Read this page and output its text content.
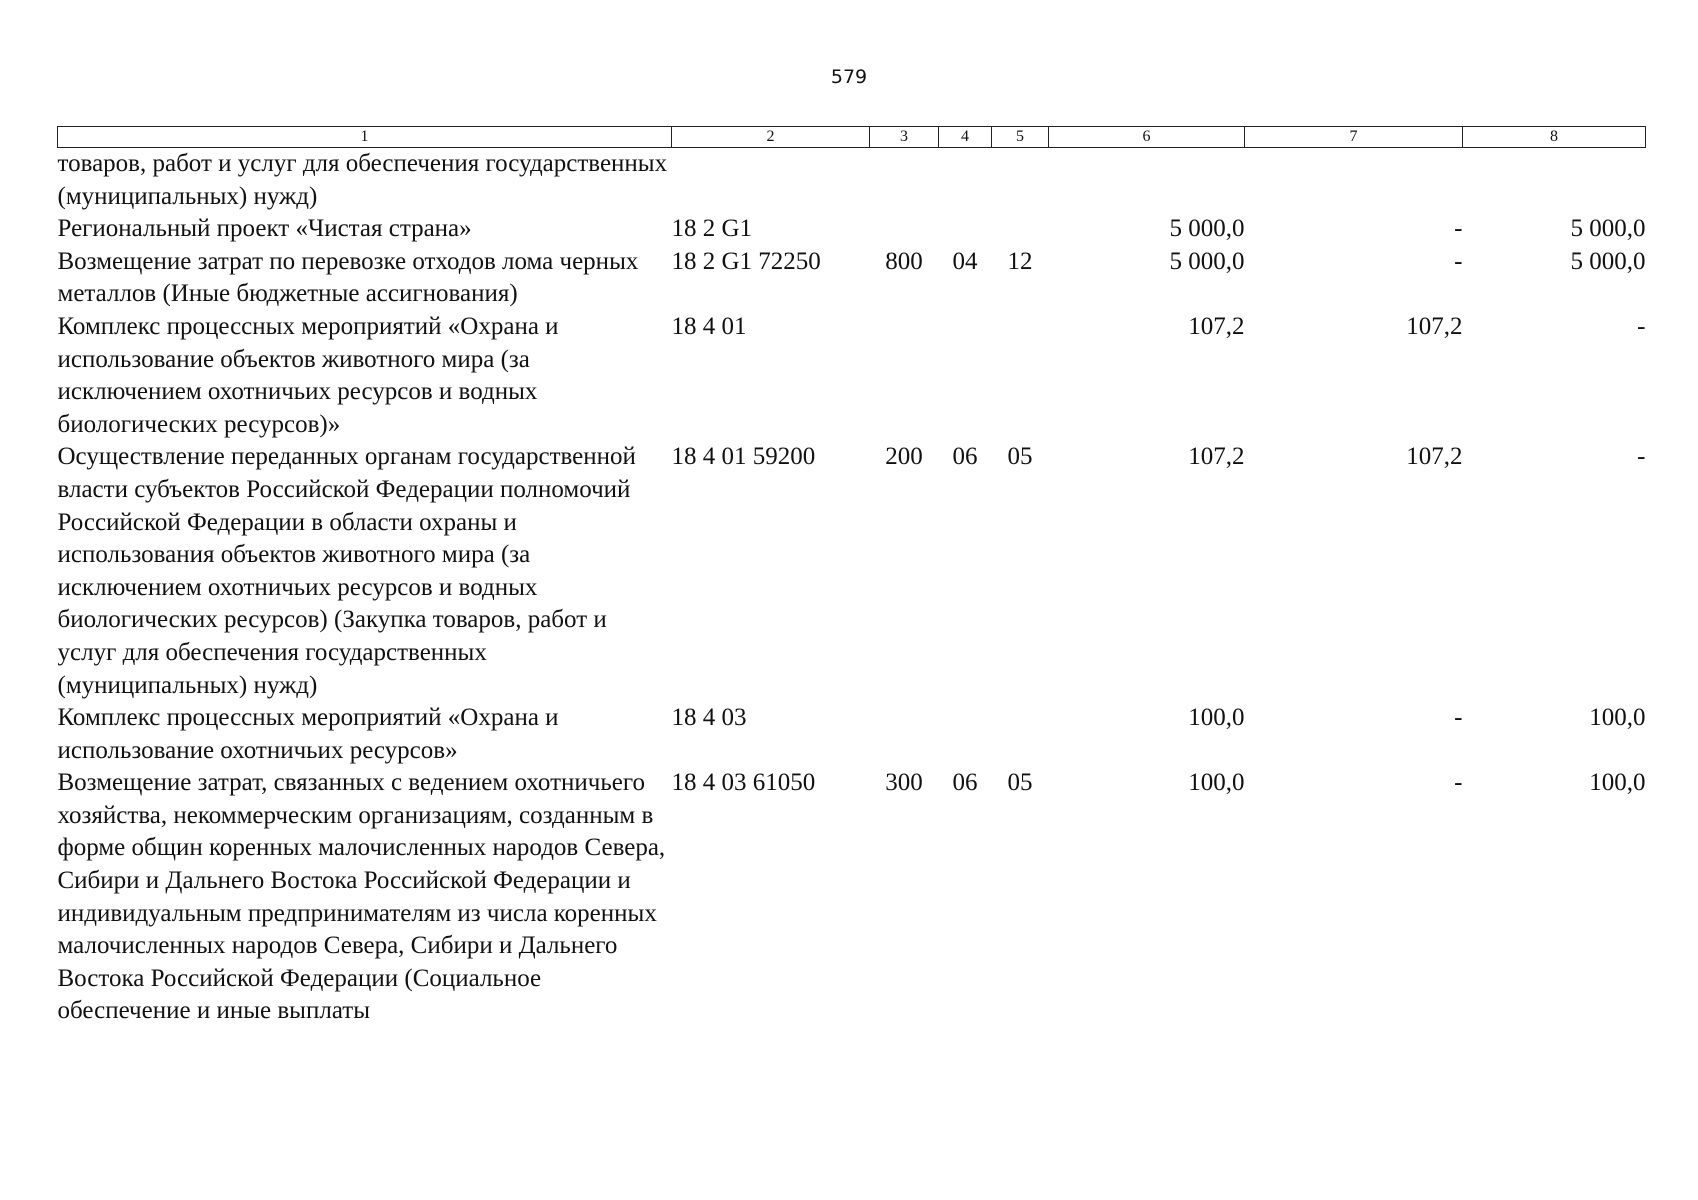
579
1	2	3	4	5	6	7	8
товаров, работ и услуг для обеспечения государственных (муниципальных) нужд)							
Региональный проект «Чистая страна»	18 2 G1				5 000,0	-	5 000,0
Возмещение затрат по перевозке отходов лома черных металлов (Иные бюджетные ассигнования)	18 2 G1 72250	800	04	12	5 000,0	-	5 000,0
Комплекс процессных мероприятий «Охрана и использование объектов животного мира (за исключением охотничьих ресурсов и водных биологических ресурсов)»	18 4 01				107,2	107,2	-
Осуществление переданных органам государственной власти субъектов Российской Федерации полномочий Российской Федерации в области охраны и использования объектов животного мира (за исключением охотничьих ресурсов и водных биологических ресурсов) (Закупка товаров, работ и услуг для обеспечения государственных (муниципальных) нужд)	18 4 01 59200	200	06	05	107,2	107,2	-
Комплекс процессных мероприятий «Охрана и использование охотничьих ресурсов»	18 4 03				100,0	-	100,0
Возмещение затрат, связанных с ведением охотничьего хозяйства, некоммерческим организациям, созданным в форме общин коренных малочисленных народов Севера, Сибири и Дальнего Востока Российской Федерации и индивидуальным предпринимателям из числа коренных малочисленных народов Севера, Сибири и Дальнего Востока Российской Федерации (Социальное обеспечение и иные выплаты	18 4 03 61050	300	06	05	100,0	-	100,0
